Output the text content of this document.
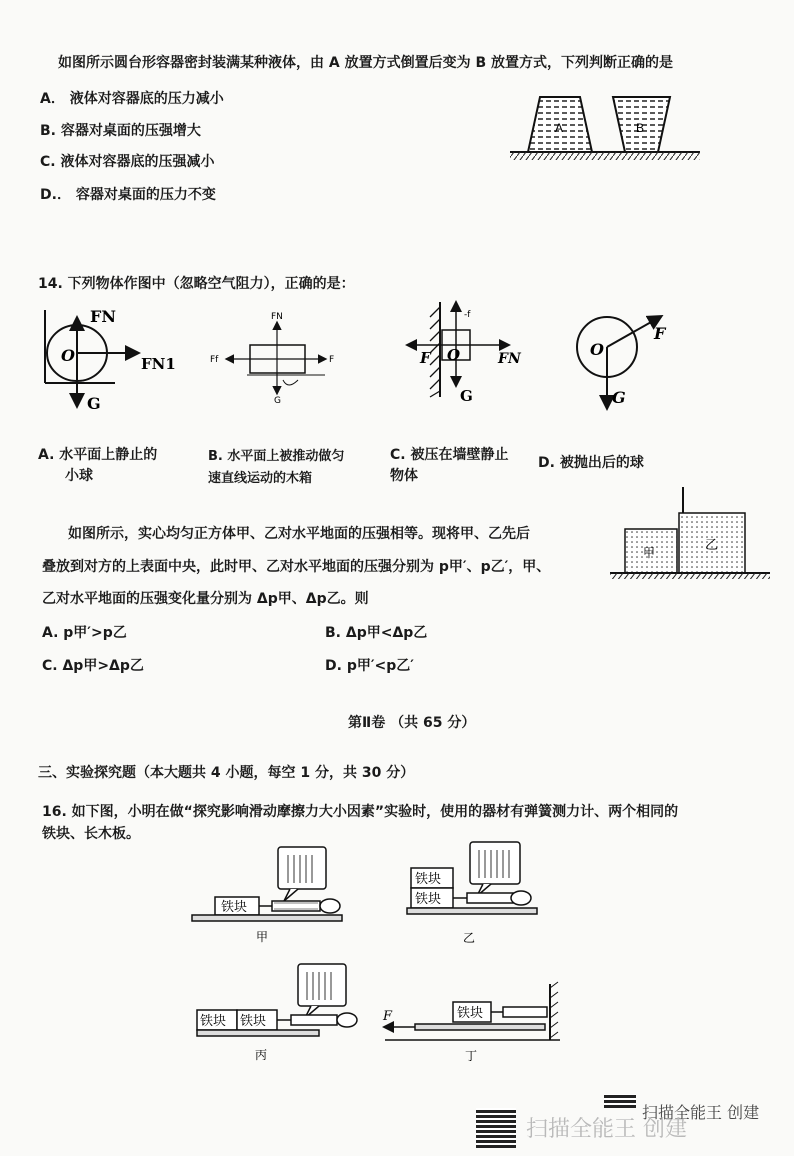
如图所示圆台形容器密封装满某种液体，由 A 放置方式倒置后变为 B 放置方式，下列判断正确的是
A． 液体对容器底的压力减小
B. 容器对桌面的压强增大
C. 液体对容器底的压强减小
D.． 容器对桌面的压力不变
A	B
14. 下列物体作图中（忽略空气阻力），正确的是：
FN
FN1
O
G
FN
F
Ff
G
-f
F O	FN
G
O
F
G
A. 水平面上静止的
小球
B. 水平面上被推动做匀
速直线运动的木箱
C. 被压在墙壁静止
物体
D. 被抛出后的球
如图所示，实心均匀正方体甲、乙对水平地面的压强相等。现将甲、乙先后
叠放到对方的上表面中央，此时甲、乙对水平地面的压强分别为 p甲′、p乙′，甲、
乙对水平地面的压强变化量分别为 Δp甲、Δp乙。则
甲	乙
A. p甲′>p乙	B. Δp甲<Δp乙
C. Δp甲>Δp乙	D. p甲′<p乙′
第Ⅱ卷 （共 65 分）
三、实验探究题（本大题共 4 小题，每空 1 分，共 30 分）
16. 如下图，小明在做“探究影响滑动摩擦力大小因素”实验时，使用的器材有弹簧测力计、两个相同的
铁块、长木板。
铁块
甲
铁块
铁块
乙
铁块 铁块
丙
铁块
F
丁
扫描全能王 创建
扫描全能王 创建
